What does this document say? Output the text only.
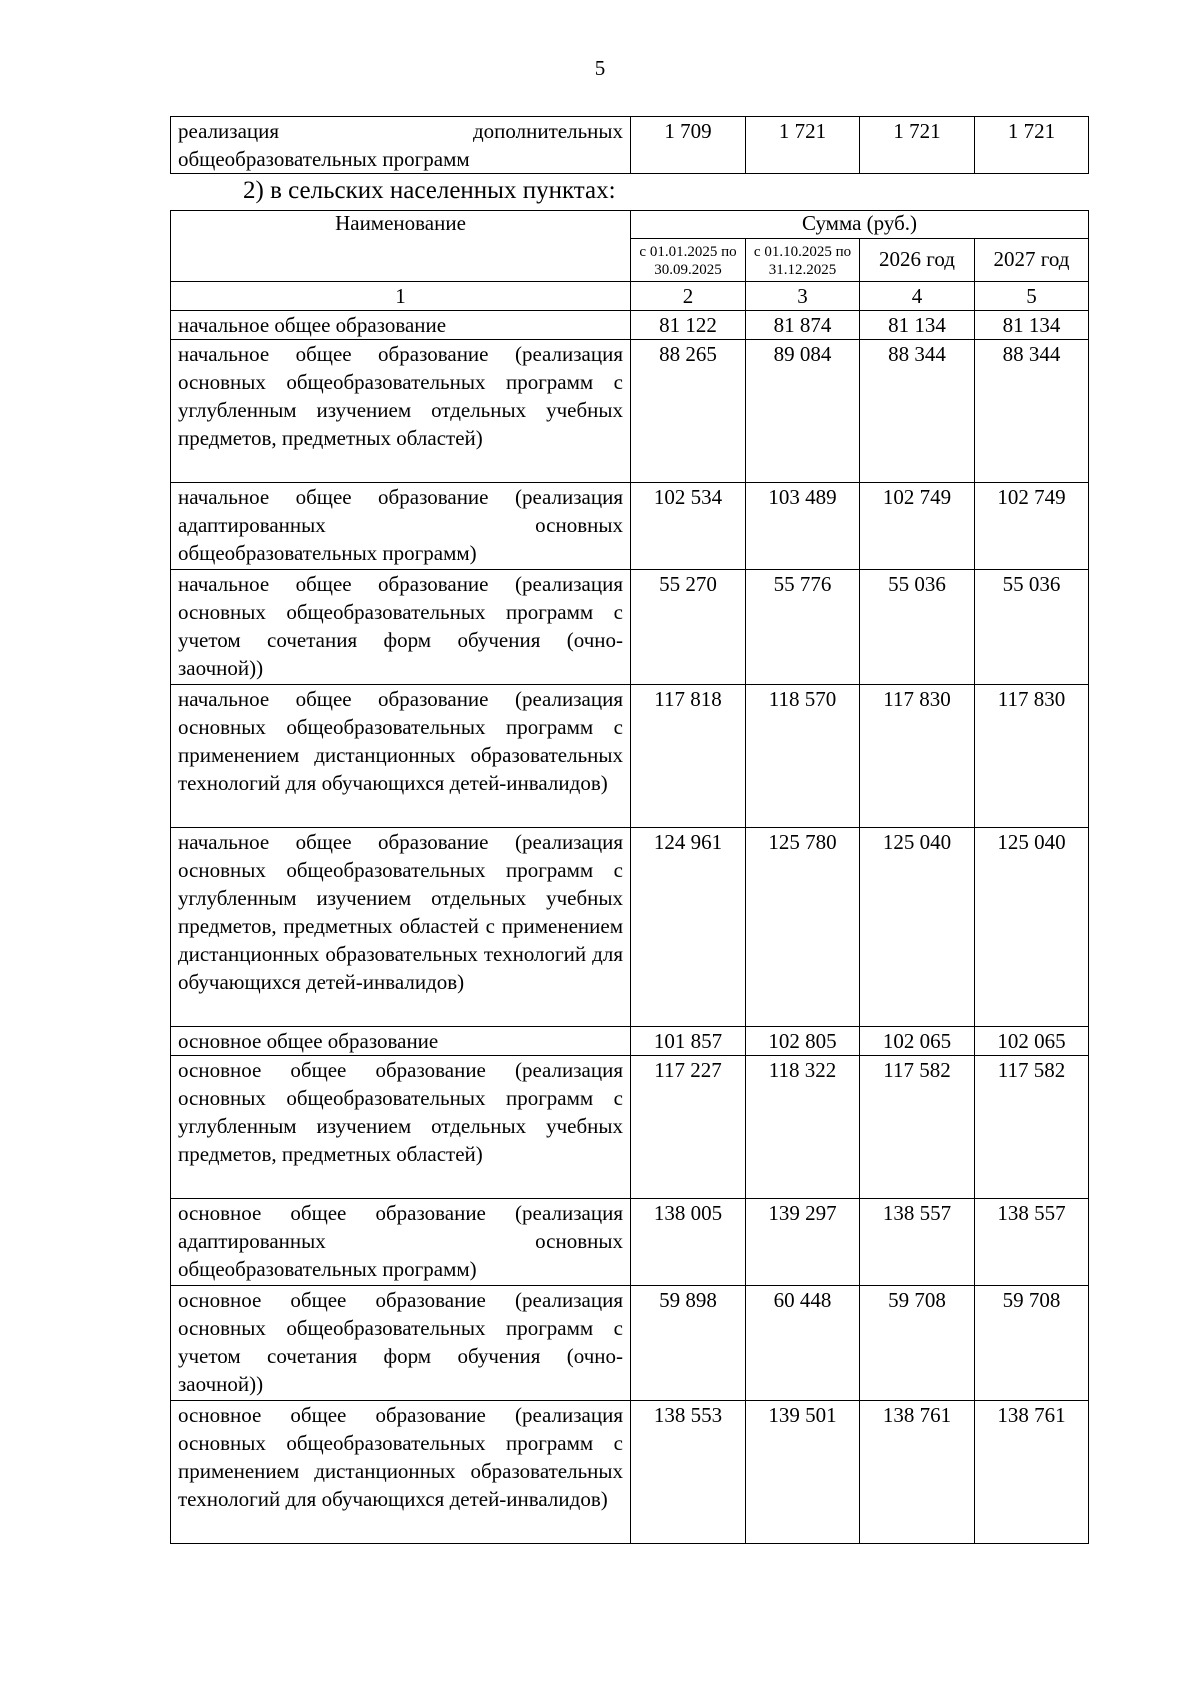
5
реализация дополнительных общеобразовательных программ	1 709	1 721	1 721	1 721
2) в сельских населенных пунктах:
Наименование	Сумма (руб.)			
	с 01.01.2025 по 30.09.2025	с 01.10.2025 по 31.12.2025	2026 год	2027 год
1	2	3	4	5
начальное общее образование	81 122	81 874	81 134	81 134
начальное общее образование (реализация основных общеобразовательных программ с углубленным изучением отдельных учебных предметов, предметных областей)	88 265	89 084	88 344	88 344
начальное общее образование (реализация адаптированных основных общеобразовательных программ)	102 534	103 489	102 749	102 749
начальное общее образование (реализация основных общеобразовательных программ с учетом сочетания форм обучения (очно-заочной))	55 270	55 776	55 036	55 036
начальное общее образование (реализация основных общеобразовательных программ с применением дистанционных образовательных технологий для обучающихся детей-инвалидов)	117 818	118 570	117 830	117 830
начальное общее образование (реализация основных общеобразовательных программ с углубленным изучением отдельных учебных предметов, предметных областей с применением дистанционных образовательных технологий для обучающихся детей-инвалидов)	124 961	125 780	125 040	125 040
основное общее образование	101 857	102 805	102 065	102 065
основное общее образование (реализация основных общеобразовательных программ с углубленным изучением отдельных учебных предметов, предметных областей)	117 227	118 322	117 582	117 582
основное общее образование (реализация адаптированных основных общеобразовательных программ)	138 005	139 297	138 557	138 557
основное общее образование (реализация основных общеобразовательных программ с учетом сочетания форм обучения (очно-заочной))	59 898	60 448	59 708	59 708
основное общее образование (реализация основных общеобразовательных программ с применением дистанционных образовательных технологий для обучающихся детей-инвалидов)	138 553	139 501	138 761	138 761
